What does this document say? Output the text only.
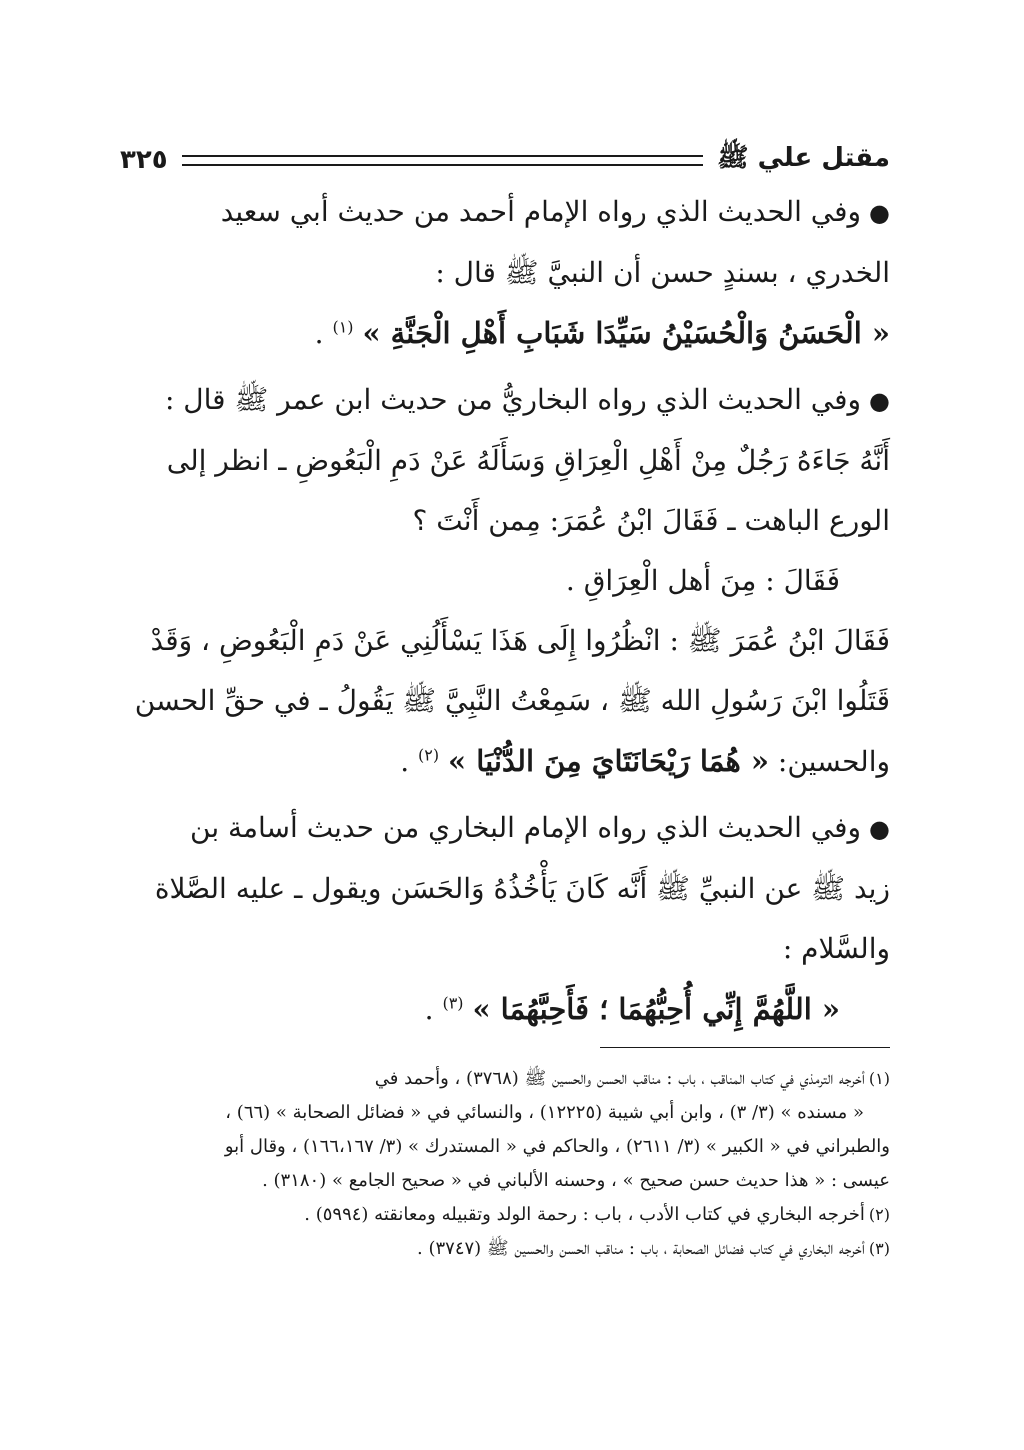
مقتل علي ﷺ
٣٢٥

●وفي الحديث الذي رواه الإمام أحمد من حديث أبي سعيد
الخدري ، بسندٍ حسن أن النبيَّ ﷺ قال :
« الْحَسَنُ وَالْحُسَيْنُ سَيِّدَا شَبَابِ أَهْلِ الْجَنَّةِ » $^{(١)}$ .

●وفي الحديث الذي رواه البخاريُّ من حديث ابن عمر ﷺ قال :
أَنَّهُ جَاءَهُ رَجُلٌ مِنْ أَهْلِ الْعِرَاقِ وَسَأَلَهُ عَنْ دَمِ الْبَعُوضِ ـ انظر إلى
الورع الباهت ـ فَقَالَ ابْنُ عُمَرَ: مِمن أَنْتَ ؟

فَقَالَ : مِنَ أهل الْعِرَاقِ .

فَقَالَ ابْنُ عُمَرَ ﷺ : انْظُرُوا إِلَى هَذَا يَسْأَلُنِي عَنْ دَمِ الْبَعُوضِ ، وَقَدْ
قَتَلُوا ابْنَ رَسُولِ الله ﷺ ، سَمِعْتُ النَّبِيَّ ﷺ يَقُولُ ـ في حقِّ الحسن
والحسين: « هُمَا رَيْحَانَتَايَ مِنَ الدُّنْيَا » $^{(٢)}$ .

●وفي الحديث الذي رواه الإمام البخاري من حديث أسامة بن
زيد ﷺ عن النبيِّ ﷺ أَنَّه كَانَ يَأْخُذُهُ وَالحَسَن ويقول ـ عليه الصَّلاة
والسَّلام :

« اللَّهُمَّ إِنِّي أُحِبُّهُمَا ؛ فَأَحِبَّهُمَا » $^{(٣)}$ .

(١)أخرجه الترمذي في كتاب المناقب ، باب : مناقب الحسن والحسين ﷺ (٣٧٦٨) ، وأحمد في
« مسنده » (٣/ ٣) ، وابن أبي شيبة (١٢٢٢٥) ، والنسائي في « فضائل الصحابة » (٦٦) ،
والطبراني في « الكبير » (٣/ ٢٦١١) ، والحاكم في « المستدرك » (٣/ ١٦٦،١٦٧) ، وقال أبو
عيسى : « هذا حديث حسن صحيح » ، وحسنه الألباني في « صحيح الجامع » (٣١٨٠) .

(٢)أخرجه البخاري في كتاب الأدب ، باب : رحمة الولد وتقبيله ومعانقته (٥٩٩٤) .

(٣)أخرجه البخاري في كتاب فضائل الصحابة ، باب : مناقب الحسن والحسين ﷺ (٣٧٤٧) .
